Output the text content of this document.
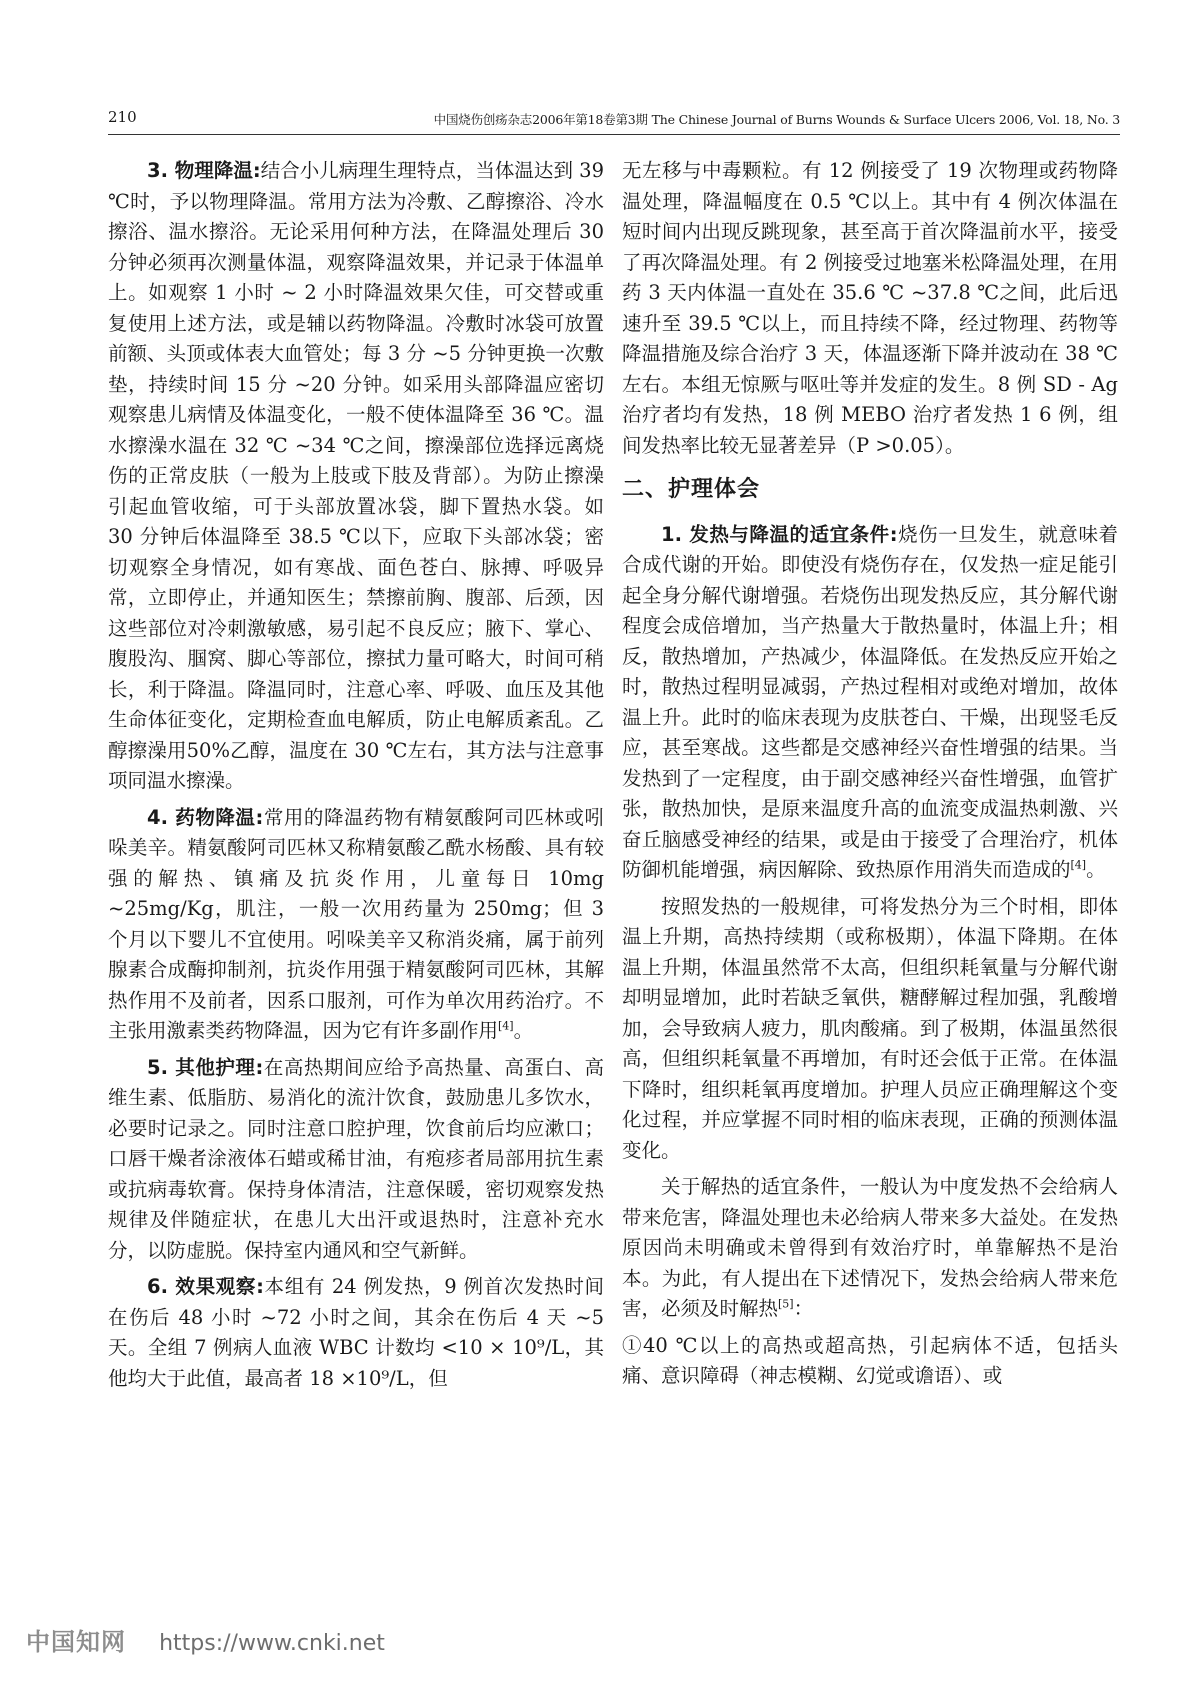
210	中国烧伤创疡杂志2006年第18卷第3期 The Chinese Journal of Burns Wounds & Surface Ulcers 2006, Vol. 18, No. 3

3. 物理降温:结合小儿病理生理特点，当体温达到 39 ℃时，予以物理降温。常用方法为冷敷、乙醇擦浴、冷水擦浴、温水擦浴。无论采用何种方法，在降温处理后 30 分钟必须再次测量体温，观察降温效果，并记录于体温单上。如观察 1 小时 ~ 2 小时降温效果欠佳，可交替或重复使用上述方法，或是辅以药物降温。冷敷时冰袋可放置前额、头顶或体表大血管处；每 3 分 ~5 分钟更换一次敷垫，持续时间 15 分 ~20 分钟。如采用头部降温应密切观察患儿病情及体温变化，一般不使体温降至 36 ℃。温水擦澡水温在 32 ℃ ~34 ℃之间，擦澡部位选择远离烧伤的正常皮肤（一般为上肢或下肢及背部）。为防止擦澡引起血管收缩，可于头部放置冰袋，脚下置热水袋。如 30 分钟后体温降至 38.5 ℃以下，应取下头部冰袋；密切观察全身情况，如有寒战、面色苍白、脉搏、呼吸异常，立即停止，并通知医生；禁擦前胸、腹部、后颈，因这些部位对冷刺激敏感，易引起不良反应；腋下、掌心、腹股沟、腘窝、脚心等部位，擦拭力量可略大，时间可稍长，利于降温。降温同时，注意心率、呼吸、血压及其他生命体征变化，定期检查血电解质，防止电解质紊乱。乙醇擦澡用50%乙醇，温度在 30 ℃左右，其方法与注意事项同温水擦澡。

4. 药物降温:常用的降温药物有精氨酸阿司匹林或吲哚美辛。精氨酸阿司匹林又称精氨酸乙酰水杨酸、具有较强的解热、镇痛及抗炎作用，儿童每日 10mg ~25mg/Kg，肌注，一般一次用药量为 250mg；但 3 个月以下婴儿不宜使用。吲哚美辛又称消炎痛，属于前列腺素合成酶抑制剂，抗炎作用强于精氨酸阿司匹林，其解热作用不及前者，因系口服剂，可作为单次用药治疗。不主张用激素类药物降温，因为它有许多副作用[4]。

5. 其他护理:在高热期间应给予高热量、高蛋白、高维生素、低脂肪、易消化的流汁饮食，鼓励患儿多饮水，必要时记录之。同时注意口腔护理，饮食前后均应漱口；口唇干燥者涂液体石蜡或稀甘油，有疱疹者局部用抗生素或抗病毒软膏。保持身体清洁，注意保暖，密切观察发热规律及伴随症状，在患儿大出汗或退热时，注意补充水分，以防虚脱。保持室内通风和空气新鲜。

6. 效果观察:本组有 24 例发热，9 例首次发热时间在伤后 48 小时 ~72 小时之间，其余在伤后 4 天 ~5 天。全组 7 例病人血液 WBC 计数均 <10 × 10⁹/L，其他均大于此值，最高者 18 ×10⁹/L，但

无左移与中毒颗粒。有 12 例接受了 19 次物理或药物降温处理，降温幅度在 0.5 ℃以上。其中有 4 例次体温在短时间内出现反跳现象，甚至高于首次降温前水平，接受了再次降温处理。有 2 例接受过地塞米松降温处理，在用药 3 天内体温一直处在 35.6 ℃ ~37.8 ℃之间，此后迅速升至 39.5 ℃以上，而且持续不降，经过物理、药物等降温措施及综合治疗 3 天，体温逐渐下降并波动在 38 ℃左右。本组无惊厥与呕吐等并发症的发生。8 例 SD - Ag 治疗者均有发热，18 例 MEBO 治疗者发热 1 6 例，组间发热率比较无显著差异（P >0.05）。

二、护理体会

1. 发热与降温的适宜条件:烧伤一旦发生，就意味着合成代谢的开始。即使没有烧伤存在，仅发热一症足能引起全身分解代谢增强。若烧伤出现发热反应，其分解代谢程度会成倍增加，当产热量大于散热量时，体温上升；相反，散热增加，产热减少，体温降低。在发热反应开始之时，散热过程明显减弱，产热过程相对或绝对增加，故体温上升。此时的临床表现为皮肤苍白、干燥，出现竖毛反应，甚至寒战。这些都是交感神经兴奋性增强的结果。当发热到了一定程度，由于副交感神经兴奋性增强，血管扩张，散热加快，是原来温度升高的血流变成温热刺激、兴奋丘脑感受神经的结果，或是由于接受了合理治疗，机体防御机能增强，病因解除、致热原作用消失而造成的[4]。

按照发热的一般规律，可将发热分为三个时相，即体温上升期，高热持续期（或称极期），体温下降期。在体温上升期，体温虽然常不太高，但组织耗氧量与分解代谢却明显增加，此时若缺乏氧供，糖酵解过程加强，乳酸增加，会导致病人疲力，肌肉酸痛。到了极期，体温虽然很高，但组织耗氧量不再增加，有时还会低于正常。在体温下降时，组织耗氧再度增加。护理人员应正确理解这个变化过程，并应掌握不同时相的临床表现，正确的预测体温变化。

关于解热的适宜条件，一般认为中度发热不会给病人带来危害，降温处理也未必给病人带来多大益处。在发热原因尚未明确或未曾得到有效治疗时，单靠解热不是治本。为此，有人提出在下述情况下，发热会给病人带来危害，必须及时解热[5]：

①40 ℃以上的高热或超高热，引起病体不适，包括头痛、意识障碍（神志模糊、幻觉或谵语）、或

中国知网 https://www.cnki.net
